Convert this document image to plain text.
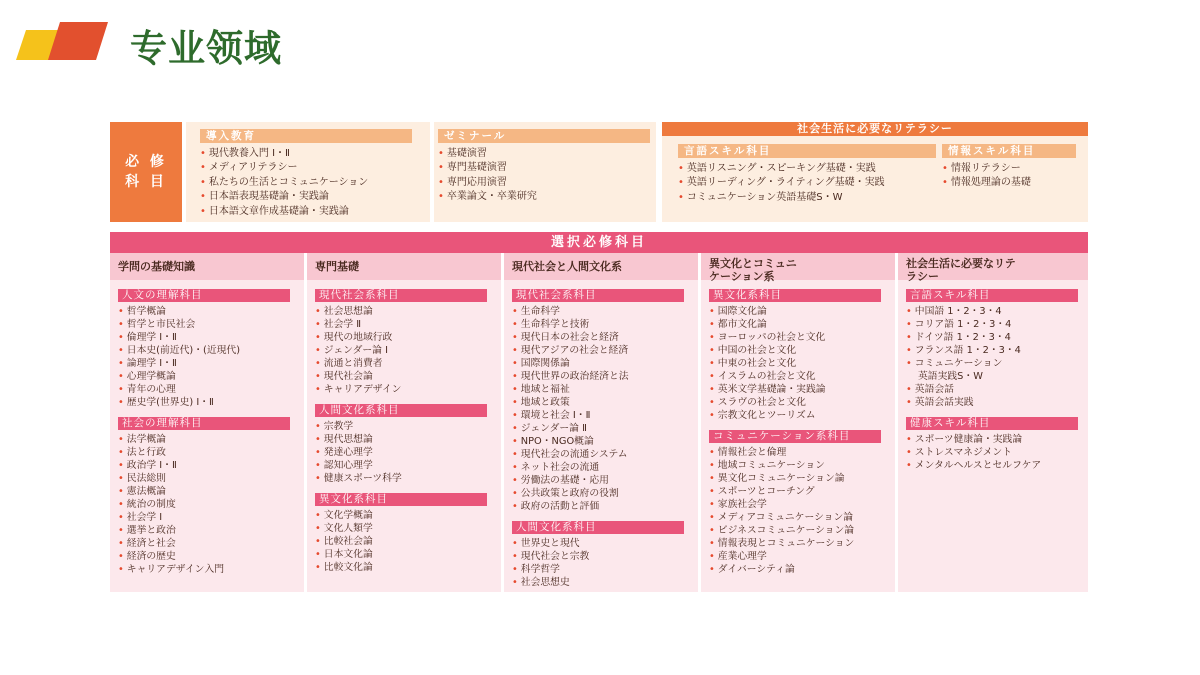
专业领域
必 修
科 目
導入教育
• 現代教養入門 Ⅰ・Ⅱ
• メディアリテラシー
• 私たちの生活とコミュニケーション
• 日本語表現基礎論・実践論
• 日本語文章作成基礎論・実践論
ゼミナール
• 基礎演習
• 専門基礎演習
• 専門応用演習
• 卒業論文・卒業研究
社会生活に必要なリテラシー
言語スキル科目
• 英語リスニング・スピーキング基礎・実践
• 英語リーディング・ライティング基礎・実践
• コミュニケーション英語基礎S・W
情報スキル科目
• 情報リテラシー
• 情報処理論の基礎
選択必修科目
学問の基礎知識
人文の理解科目
• 哲学概論
• 哲学と市民社会
• 倫理学 Ⅰ・Ⅱ
• 日本史(前近代)・(近現代)
• 論理学 Ⅰ・Ⅱ
• 心理学概論
• 青年の心理
• 歴史学(世界史) Ⅰ・Ⅱ
社会の理解科目
• 法学概論
• 法と行政
• 政治学 Ⅰ・Ⅱ
• 民法総則
• 憲法概論
• 統治の制度
• 社会学 Ⅰ
• 選挙と政治
• 経済と社会
• 経済の歴史
• キャリアデザイン入門
専門基礎
現代社会系科目
• 社会思想論
• 社会学 Ⅱ
• 現代の地域行政
• ジェンダー論 Ⅰ
• 流通と消費者
• 現代社会論
• キャリアデザイン
人間文化系科目
• 宗教学
• 現代思想論
• 発達心理学
• 認知心理学
• 健康スポーツ科学
異文化系科目
• 文化学概論
• 文化人類学
• 比較社会論
• 日本文化論
• 比較文化論
現代社会と人間文化系
現代社会系科目
• 生命科学
• 生命科学と技術
• 現代日本の社会と経済
• 現代アジアの社会と経済
• 国際関係論
• 現代世界の政治経済と法
• 地域と福祉
• 地域と政策
• 環境と社会 Ⅰ・Ⅱ
• ジェンダー論 Ⅱ
• NPO・NGO概論
• 現代社会の流通システム
• ネット社会の流通
• 労働法の基礎・応用
• 公共政策と政府の役割
• 政府の活動と評価
人間文化系科目
• 世界史と現代
• 現代社会と宗教
• 科学哲学
• 社会思想史
異文化とコミュニケーション系
異文化系科目
• 国際文化論
• 都市文化論
• ヨーロッパの社会と文化
• 中国の社会と文化
• 中東の社会と文化
• イスラムの社会と文化
• 英米文学基礎論・実践論
• スラヴの社会と文化
• 宗教文化とツーリズム
コミュニケーション系科目
• 情報社会と倫理
• 地域コミュニケーション
• 異文化コミュニケーション論
• スポーツとコーチング
• 家族社会学
• メディアコミュニケーション論
• ビジネスコミュニケーション論
• 情報表現とコミュニケーション
• 産業心理学
• ダイバーシティ論
社会生活に必要なリテラシー
言語スキル科目
• 中国語 1・2・3・4
• コリア語 1・2・3・4
• ドイツ語 1・2・3・4
• フランス語 1・2・3・4
• コミュニケーション
英語実践S・W
• 英語会話
• 英語会話実践
健康スキル科目
• スポーツ健康論・実践論
• ストレスマネジメント
• メンタルヘルスとセルフケア
